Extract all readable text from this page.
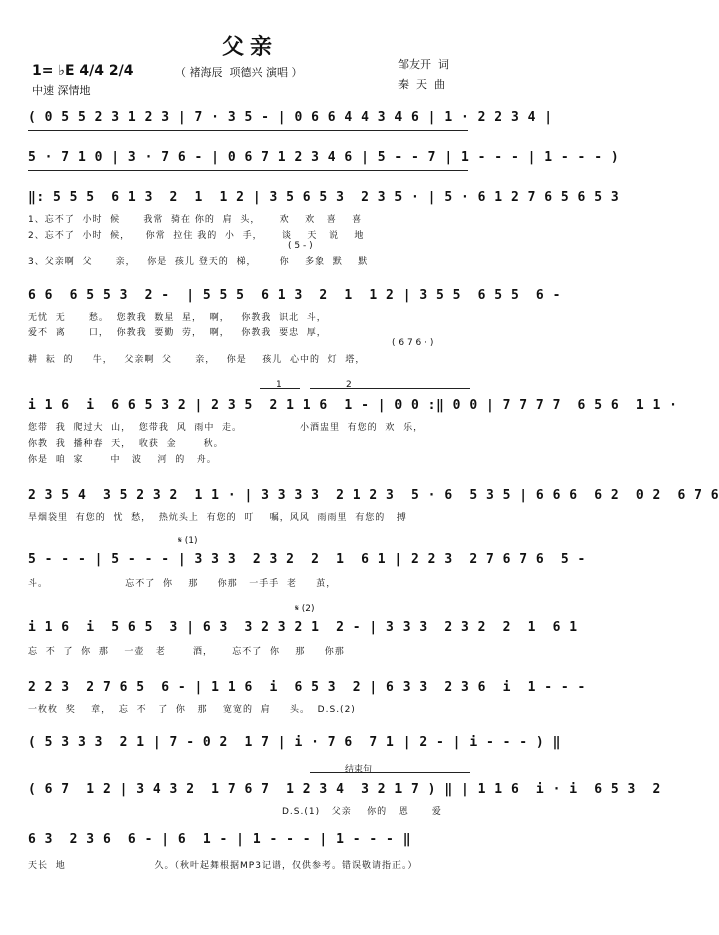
父亲
（ 褚海辰  项德兴 演唱 ）
1= ♭E 4/4 2/4
中速 深情地
邹友开  词
秦  天  曲
( 0 5 5 2 3 1 2 3 | 7 · 3 5 - | 0 6 6 4 4 3 4 6 | 1 · 2 2 3 4 |
5 · 7 1 0 | 3 · 7 6 - | 0 6 7 1 2 3 4 6 | 5 - - 7 | 1 - - - | 1 - - - )
‖: 5 5 5  6 1 3  2  1  1 2 | 3 5 6 5 3  2 3 5 · | 5 · 6 1 2 7 6 5 6 5 3
1、忘不了  小时  候      我常  骑在 你的  肩  头，     欢    欢   喜    喜
2、忘不了  小时  候，    你常  拉住 我的  小  手，     谈    天   说    地
( 5 - )
3、父亲啊  父      亲，   你是  孩儿 登天的  梯，      你    多象  默    默
6 6  6 5 5 3  2 -  | 5 5 5  6 1 3  2  1  1 2 | 3 5 5  6 5 5  6 -
无忧  无      愁。  您教我  数星  星，  啊，   你教我  识北  斗，
爱不  离      口，  你教我  要勤  劳，  啊，   你教我  要忠  厚，
( 6 7 6 · )
耕  耘  的     牛，   父亲啊  父      亲，   你是    孩儿  心中的  灯  塔，
1	2
i 1 6  i  6 6 5 3 2 | 2 3 5  2 1 1 6  1 - | 0 0 :‖ 0 0 | 7 7 7 7  6 5 6  1 1 ·
您带  我  爬过大  山，  您带我  风  雨中  走。               小酒盅里  有您的  欢  乐，
你教  我  播种春  天，  收获  金       秋。
你是  咱  家       中   波    河  的   舟。
2 3 5 4  3 5 2 3 2  1 1 · | 3 3 3 3  2 1 2 3  5 · 6  5 3 5 | 6 6 6  6 2  0 2  6 7 6
旱烟袋里  有您的  忧  愁，  热炕头上  有您的  叮    嘱，风风  雨雨里  有您的   搏
𝄋 (1)
5 - - - | 5 - - - | 3 3 3  2 3 2  2  1  6 1 | 2 2 3  2 7 6 7 6  5 -
斗。                    忘不了  你    那     你那   一手手  老     茧，
𝄋 (2)
i 1 6  i  5 6 5  3 | 6 3  3 2 3 2 1  2 - | 3 3 3  2 3 2  2  1  6 1
忘  不  了  你  那    一壶   老       酒，     忘不了  你    那     你那
2 2 3  2 7 6 5  6 - | 1 1 6  i  6 5 3  2 | 6 3 3  2 3 6  i  1 - - -
一枚枚  奖    章，  忘  不   了  你   那    宽宽的  肩     头。  D.S.(2)
( 5 3 3 3  2 1 | 7 - 0 2  1 7 | i · 7 6  7 1 | 2 - | i - - - ) ‖
结束句
( 6 7  1 2 | 3 4 3 2  1 7 6 7  1 2 3 4  3 2 1 7 ) ‖ | 1 1 6  i · i  6 5 3  2
D.S.(1)   父亲    你的   恩      爱
6 3  2 3 6  6 - | 6  1 - | 1 - - - | 1 - - - ‖
天长  地                       久。（秋叶起舞根据MP3记谱，仅供参考。错误敬请指正。）
